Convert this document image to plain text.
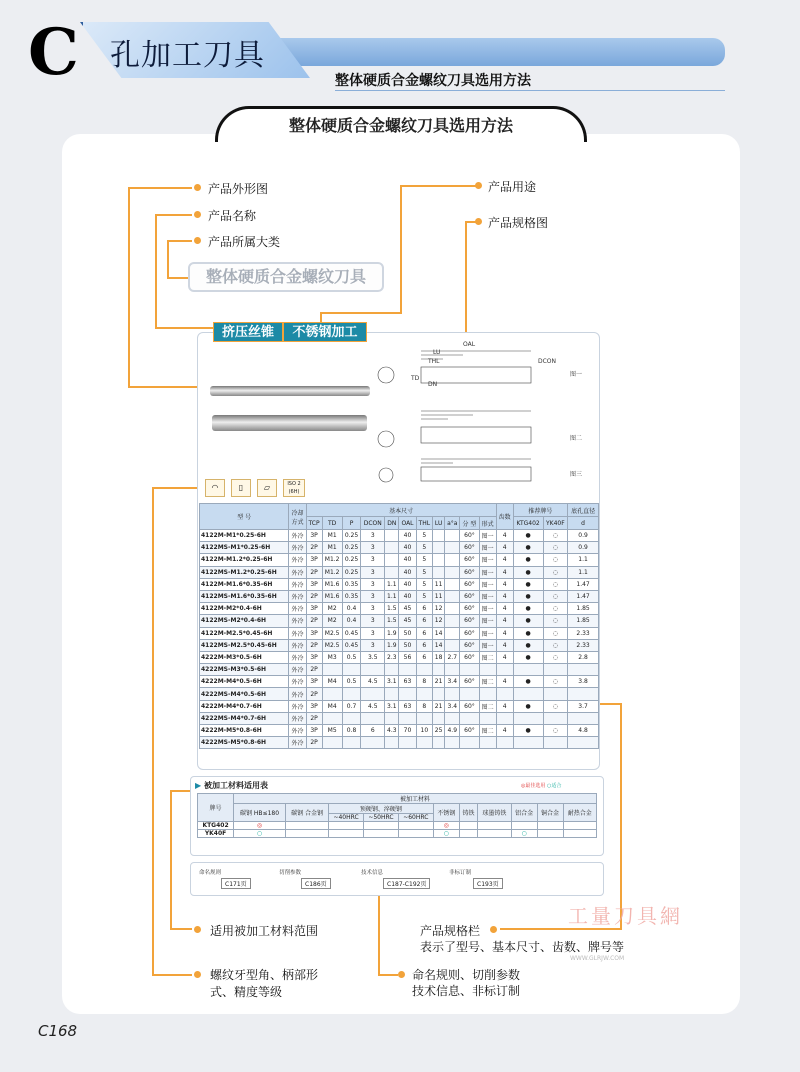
C 孔加工刀具
整体硬质合金螺纹刀具选用方法
整体硬质合金螺纹刀具选用方法
产品外形图
产品名称
产品所属大类
产品用途
产品规格图
适用被加工材料范围
螺纹牙型角、柄部形
式、精度等级
命名规则、切削参数
技术信息、非标订制
产品规格栏
表示了型号、基本尺寸、齿数、牌号等
整体硬质合金螺纹刀具
OAL
LU
THL	DCON
DN
TD
图一
图二
图三
◠	▯	▱	ISO 2
(6H)
型 号	冷却
方式	基本尺寸											齿数	推荐牌号		底孔直径
		TCP	TD	P	DCON	DN	OAL	THL	LU	a°a	分 型	形式		KTG402	YK40F	d
4122M-M1*0.25-6H	外冷	3P	M1	0.25	3		40	5			60°	图一	4	●	◌	0.9
4122MS-M1*0.25-6H	外冷	2P	M1	0.25	3		40	5			60°	图一	4	●	◌	0.9
4122M-M1.2*0.25-6H	外冷	3P	M1.2	0.25	3		40	5			60°	图一	4	●	◌	1.1
4122MS-M1.2*0.25-6H	外冷	2P	M1.2	0.25	3		40	5			60°	图一	4	●	◌	1.1
4122M-M1.6*0.35-6H	外冷	3P	M1.6	0.35	3	1.1	40	5	11		60°	图一	4	●	◌	1.47
4122MS-M1.6*0.35-6H	外冷	2P	M1.6	0.35	3	1.1	40	5	11		60°	图一	4	●	◌	1.47
4122M-M2*0.4-6H	外冷	3P	M2	0.4	3	1.5	45	6	12		60°	图一	4	●	◌	1.85
4122MS-M2*0.4-6H	外冷	2P	M2	0.4	3	1.5	45	6	12		60°	图一	4	●	◌	1.85
4122M-M2.5*0.45-6H	外冷	3P	M2.5	0.45	3	1.9	50	6	14		60°	图一	4	●	◌	2.33
4122MS-M2.5*0.45-6H	外冷	2P	M2.5	0.45	3	1.9	50	6	14		60°	图一	4	●	◌	2.33
4222M-M3*0.5-6H	外冷	3P	M3	0.5	3.5	2.3	56	6	18	2.7	60°	图二	4	●	◌	2.8
4222MS-M3*0.5-6H	外冷	2P														
4222M-M4*0.5-6H	外冷	3P	M4	0.5	4.5	3.1	63	8	21	3.4	60°	图二	4	●	◌	3.8
4222MS-M4*0.5-6H	外冷	2P														
4222M-M4*0.7-6H	外冷	3P	M4	0.7	4.5	3.1	63	8	21	3.4	60°	图二	4	●	◌	3.7
4222MS-M4*0.7-6H	外冷	2P														
4222M-M5*0.8-6H	外冷	3P	M5	0.8	6	4.3	70	10	25	4.9	60°	图二	4	●	◌	4.8
4222MS-M5*0.8-6H	外冷	2P														
挤压丝锥	不锈钢加工
▶ 被加工材料适用表	◎最佳选用 ○适合
牌号	被加工材料										
	碳钢 HB≤180	碳钢 合金钢	预硬钢、淬硬钢			不锈钢	铸铁	球墨铸铁	铝合金	铜合金	耐热合金
			~40HRC	~50HRC	~60HRC						
KTG402	◎					◎					
YK40F	○					○			○		
命名规则
C171页
切削参数
C186页
技术信息
C187-C192页
非标订制
C193页
工量刀具網
WWW.GLRJW.COM
C168
